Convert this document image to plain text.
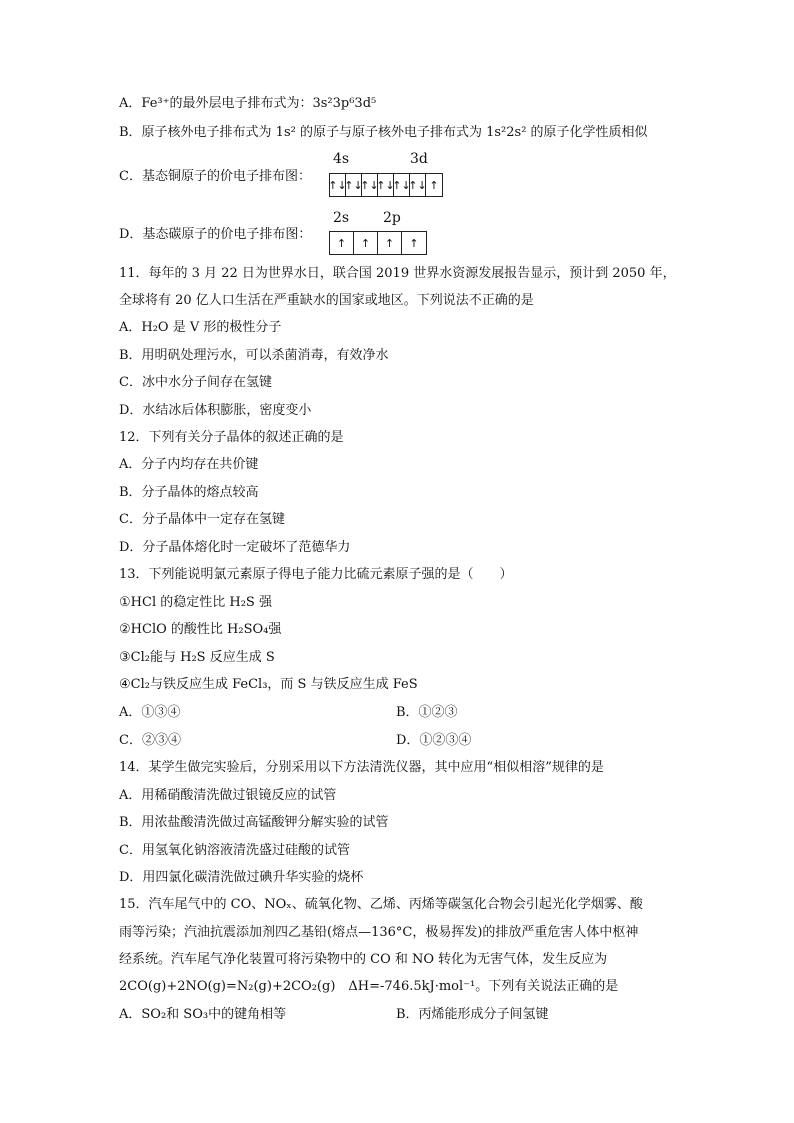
A．Fe³⁺的最外层电子排布式为：3s²3p⁶3d⁵
B．原子核外电子排布式为 1s² 的原子与原子核外电子排布式为 1s²2s² 的原子化学性质相似
C．基态铜原子的价电子排布图：
4s	3d
↑↓
↑↓
↑↓
↑↓
↑↓
↑↓ ↑
D．基态碳原子的价电子排布图：
2s 2p
↑	↑	↑	↑
11．每年的 3 月 22 日为世界水日，联合国 2019 世界水资源发展报告显示，预计到 2050 年，
全球将有 20 亿人口生活在严重缺水的国家或地区。下列说法不正确的是
A．H₂O 是 V 形的极性分子
B．用明矾处理污水，可以杀菌消毒，有效净水
C．冰中水分子间存在氢键
D．水结冰后体积膨胀，密度变小
12．下列有关分子晶体的叙述正确的是
A．分子内均存在共价键
B．分子晶体的熔点较高
C．分子晶体中一定存在氢键
D．分子晶体熔化时一定破坏了范德华力
13．下列能说明氯元素原子得电子能力比硫元素原子强的是（　　）
①HCl 的稳定性比 H₂S 强
②HClO 的酸性比 H₂SO₄强
③Cl₂能与 H₂S 反应生成 S
④Cl₂与铁反应生成 FeCl₃，而 S 与铁反应生成 FeS
A．①③④	B．①②③
C．②③④	D．①②③④
14．某学生做完实验后，分别采用以下方法清洗仪器，其中应用“相似相溶”规律的是
A．用稀硝酸清洗做过银镜反应的试管
B．用浓盐酸清洗做过高锰酸钾分解实验的试管
C．用氢氧化钠溶液清洗盛过硅酸的试管
D．用四氯化碳清洗做过碘升华实验的烧杯
15．汽车尾气中的 CO、NOₓ、硫氧化物、乙烯、丙烯等碳氢化合物会引起光化学烟雾、酸
雨等污染；汽油抗震添加剂四乙基铅(熔点—136°C，极易挥发)的排放严重危害人体中枢神
经系统。汽车尾气净化装置可将污染物中的 CO 和 NO 转化为无害气体，发生反应为
2CO(g)+2NO(g)=N₂(g)+2CO₂(g)　ΔH=-746.5kJ·mol⁻¹。下列有关说法正确的是
A．SO₂和 SO₃中的键角相等	B．丙烯能形成分子间氢键
